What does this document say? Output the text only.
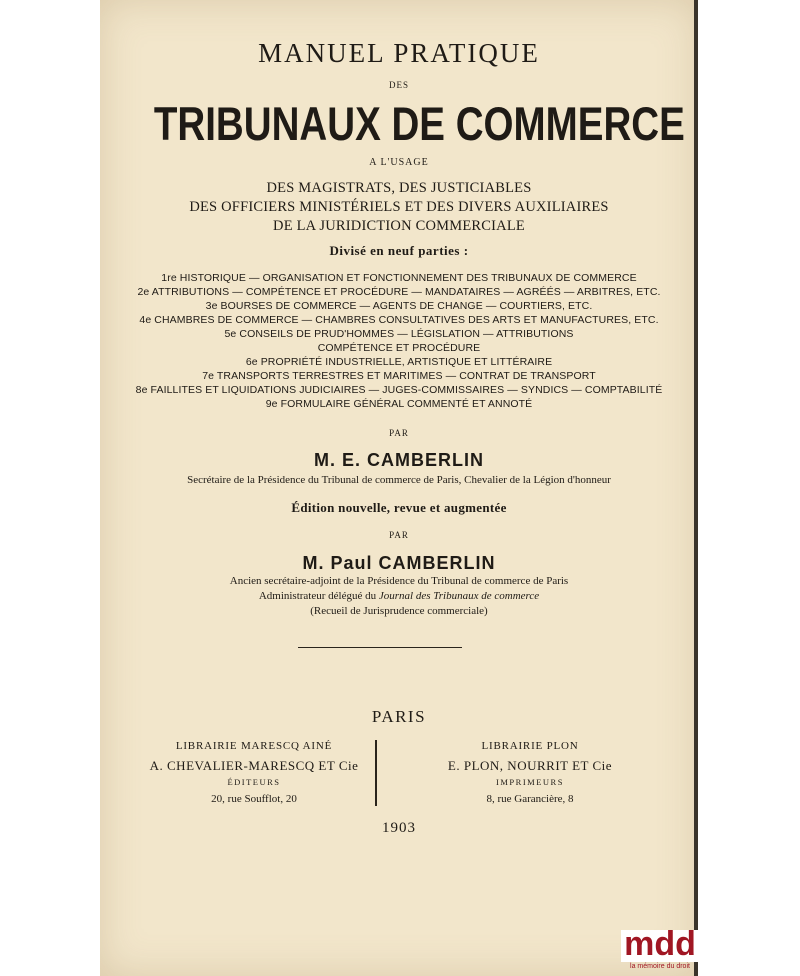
MANUEL PRATIQUE
DES
TRIBUNAUX DE COMMERCE
A L'USAGE
DES MAGISTRATS, DES JUSTICIABLES
DES OFFICIERS MINISTÉRIELS ET DES DIVERS AUXILIAIRES
DE LA JURIDICTION COMMERCIALE
Divisé en neuf parties :
1re HISTORIQUE — ORGANISATION ET FONCTIONNEMENT DES TRIBUNAUX DE COMMERCE
2e ATTRIBUTIONS — COMPÉTENCE ET PROCÉDURE — MANDATAIRES — AGRÉÉS — ARBITRES, ETC.
3e BOURSES DE COMMERCE — AGENTS DE CHANGE — COURTIERS, ETC.
4e CHAMBRES DE COMMERCE — CHAMBRES CONSULTATIVES DES ARTS ET MANUFACTURES, ETC.
5e CONSEILS DE PRUD'HOMMES — LÉGISLATION — ATTRIBUTIONS
COMPÉTENCE ET PROCÉDURE
6e PROPRIÉTÉ INDUSTRIELLE, ARTISTIQUE ET LITTÉRAIRE
7e TRANSPORTS TERRESTRES ET MARITIMES — CONTRAT DE TRANSPORT
8e FAILLITES ET LIQUIDATIONS JUDICIAIRES — JUGES-COMMISSAIRES — SYNDICS — COMPTABILITÉ
9e FORMULAIRE GÉNÉRAL COMMENTÉ ET ANNOTÉ
PAR
M. E. CAMBERLIN
Secrétaire de la Présidence du Tribunal de commerce de Paris, Chevalier de la Légion d'honneur
Édition nouvelle, revue et augmentée
PAR
M. Paul CAMBERLIN
Ancien secrétaire-adjoint de la Présidence du Tribunal de commerce de Paris
Administrateur délégué du Journal des Tribunaux de commerce
(Recueil de Jurisprudence commerciale)
PARIS
LIBRAIRIE MARESCQ AINÉ
A. CHEVALIER-MARESCQ ET Cie
ÉDITEURS
20, rue Soufflot, 20
LIBRAIRIE PLON
E. PLON, NOURRIT ET Cie
IMPRIMEURS
8, rue Garancière, 8
1903
mdd
la mémoire du droit
